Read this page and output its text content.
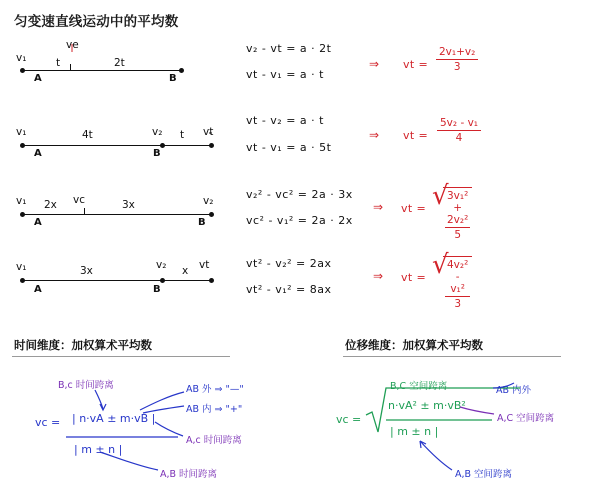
匀变速直线运动中的平均数
v₁
ve
t	2t
A	B
v₂ - vt = a · 2t
vt - v₁ = a · t
⇒ vt =
2v₁+v₂
3
v₁	v₂	vt
4t	t
A	B
vt - v₂ = a · t
vt - v₁ = a · 5t
⇒ vt =
5v₂ - v₁
4
v₁	vc	v₂
2x	3x
A	B
v₂² - vc² = 2a · 3x
vc² - v₁² = 2a · 2x
⇒ vt = √
3v₁² + 2v₂²
5
v₁	v₂	vt
3x	x
A	B
vt² - v₂² = 2ax
vt² - v₁² = 8ax
⇒ vt = √
4v₂² - v₁²
3
时间维度：加权算术平均数
B,c 时间跨离	AB 外 ⇒ "—"
AB 内 ⇒ "+"
vc = | n·vA ± m·vB |
| m ± n |
A,c 时间跨离
A,B 时间跨离
位移维度：加权算术平均数
B,C 空间跨离	AB 内外
vc =
n·vA² ± m·vB²
| m ± n |
A,C 空间跨离
A,B 空间跨离
